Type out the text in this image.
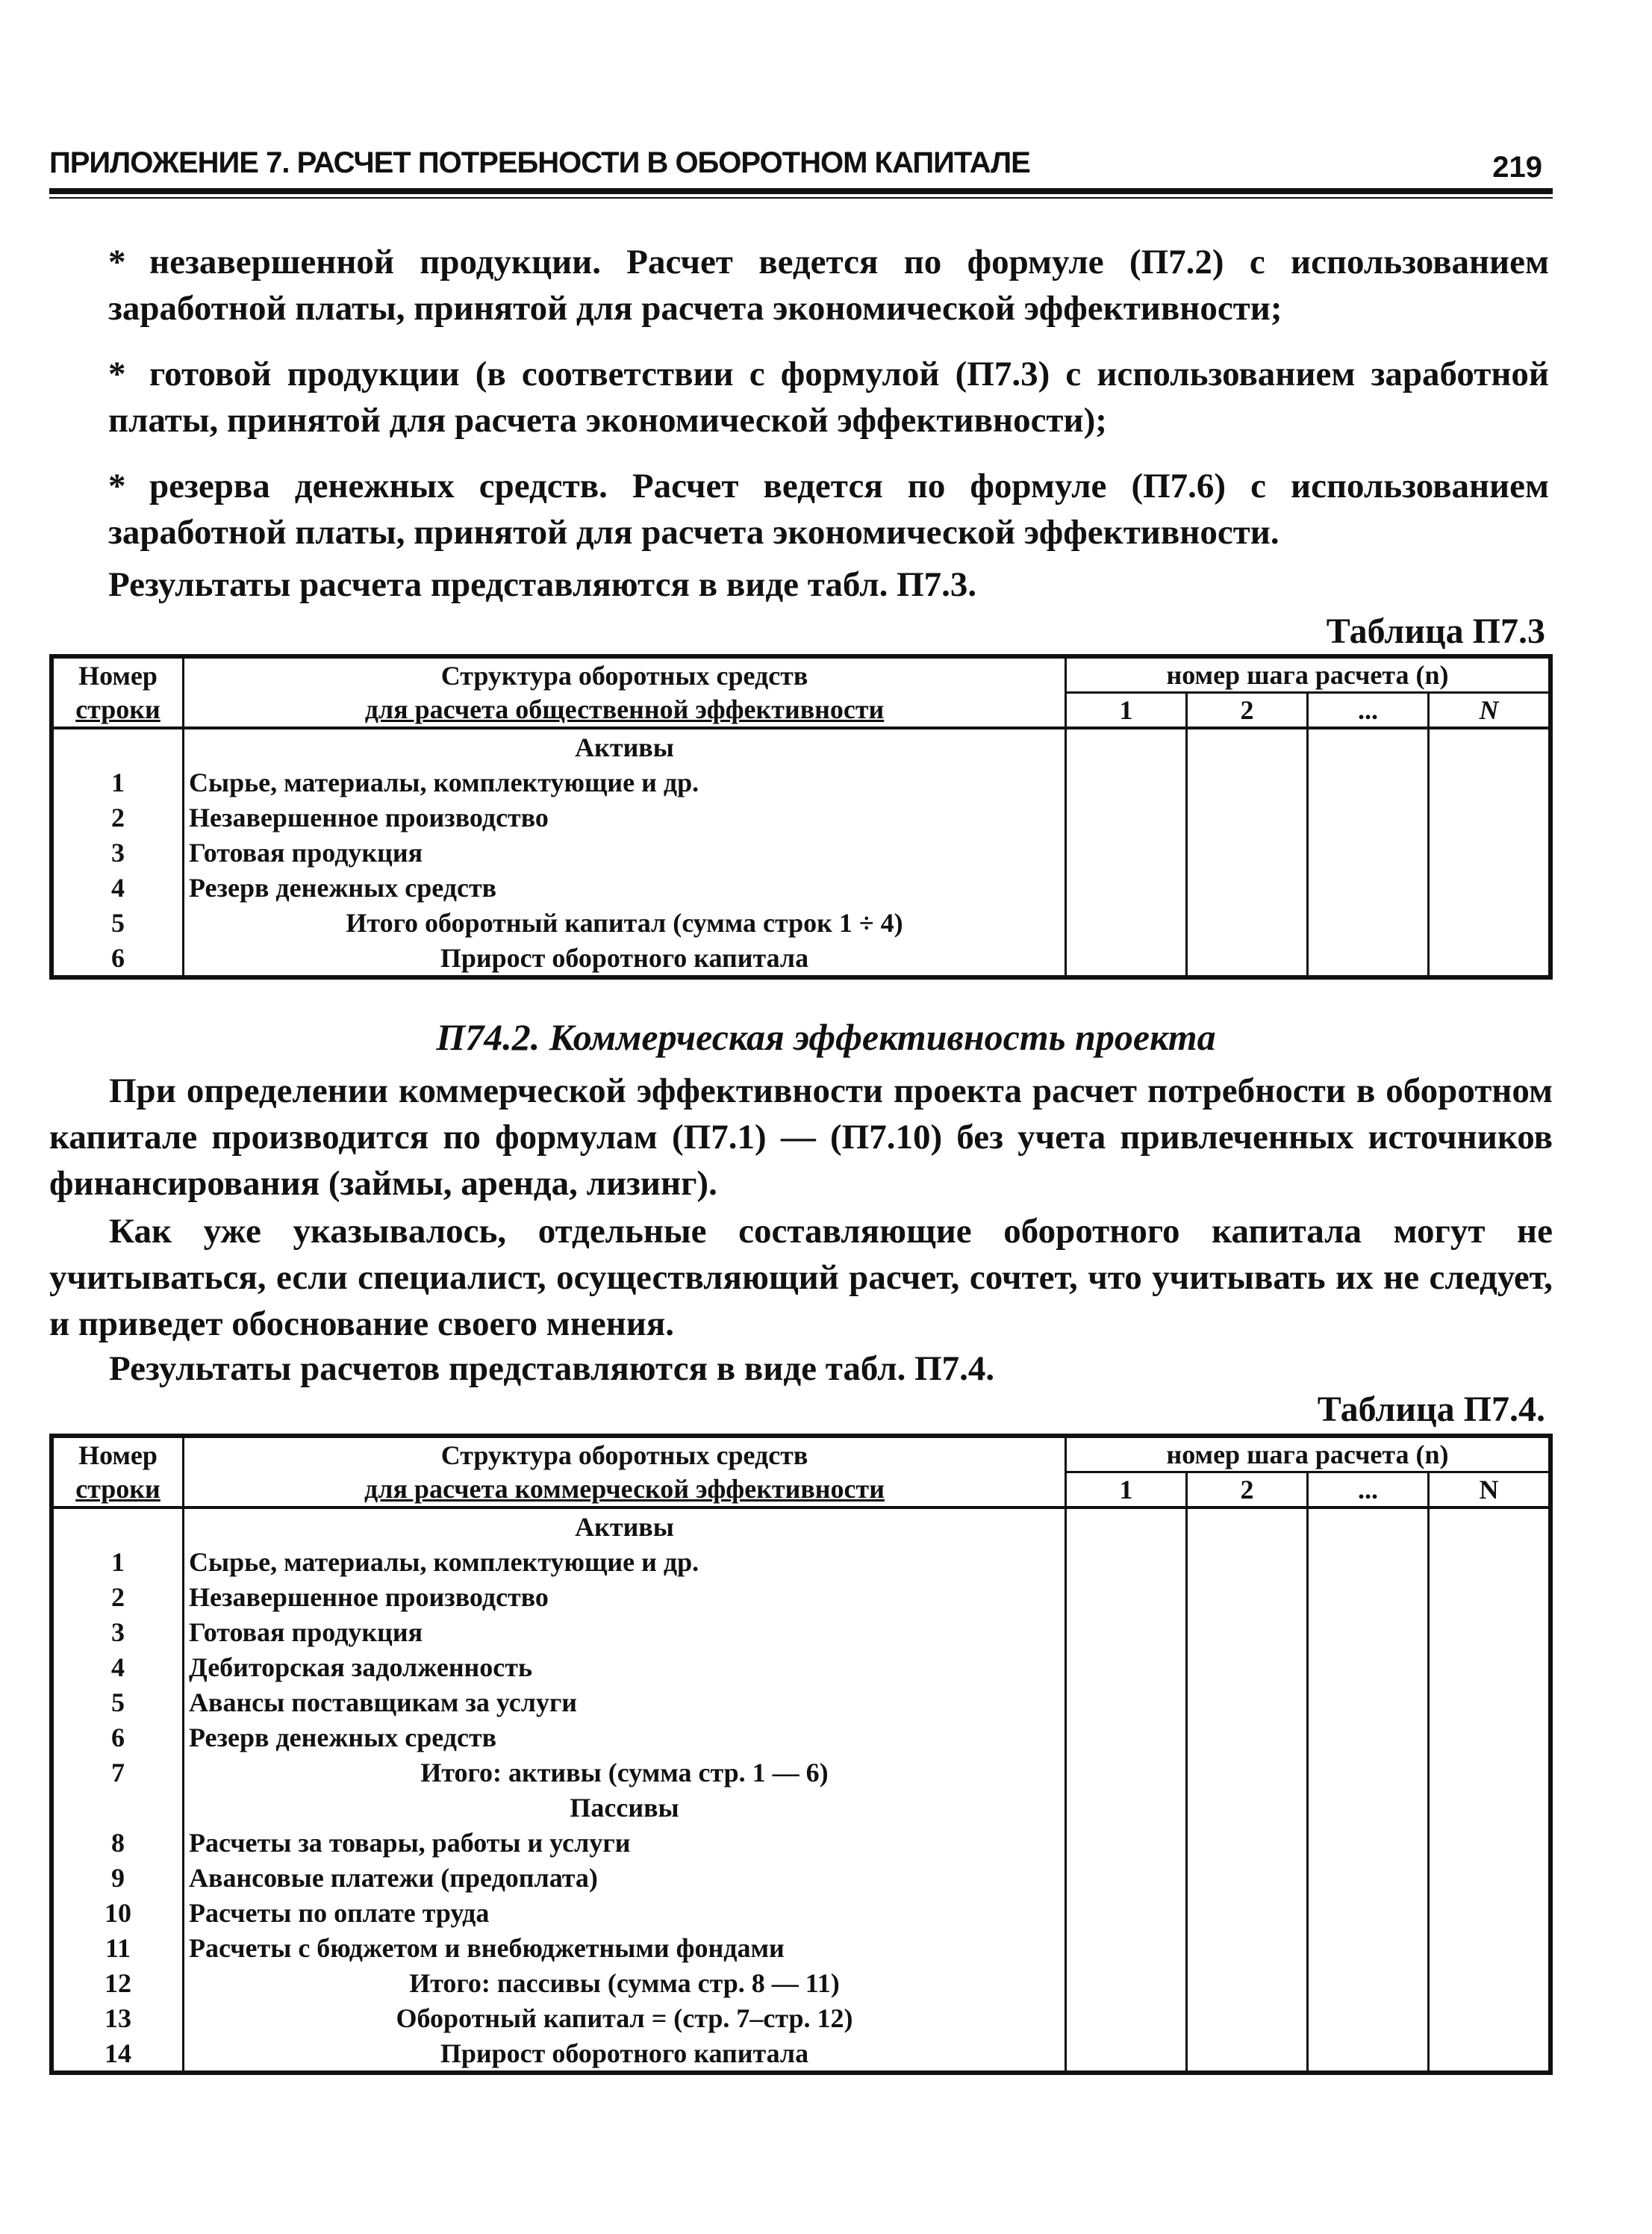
ПРИЛОЖЕНИЕ 7. РАСЧЕТ ПОТРЕБНОСТИ В ОБОРОТНОМ КАПИТАЛЕ	219
* незавершенной продукции. Расчет ведется по формуле (П7.2) с использованием заработной платы, принятой для расчета экономической эффективности;
* готовой продукции (в соответствии с формулой (П7.3) с использованием заработной платы, принятой для расчета экономической эффективности);
* резерва денежных средств. Расчет ведется по формуле (П7.6) с использованием заработной платы, принятой для расчета экономической эффективности.
Результаты расчета представляются в виде табл. П7.3.
Таблица П7.3
Номер	Структура оборотных средств	номер шага расчета (n)			
строки	для расчета общественной эффективности	1	2	...	N
	Активы				
1	Сырье, материалы, комплектующие и др.				
2	Незавершенное производство				
3	Готовая продукция				
4	Резерв денежных средств				
5	Итого оборотный капитал (сумма строк 1 ÷ 4)				
6	Прирост оборотного капитала				
П74.2. Коммерческая эффективность проекта
При определении коммерческой эффективности проекта расчет потребности в оборотном капитале производится по формулам (П7.1) — (П7.10) без учета привлеченных источников финансирования (займы, аренда, лизинг).
Как уже указывалось, отдельные составляющие оборотного капитала могут не учитываться, если специалист, осуществляющий расчет, сочтет, что учитывать их не следует, и приведет обоснование своего мнения.
Результаты расчетов представляются в виде табл. П7.4.
Таблица П7.4.
Номер	Структура оборотных средств	номер шага расчета (n)			
строки	для расчета коммерческой эффективности	1	2	...	N
	Активы				
1	Сырье, материалы, комплектующие и др.				
2	Незавершенное производство				
3	Готовая продукция				
4	Дебиторская задолженность				
5	Авансы поставщикам за услуги				
6	Резерв денежных средств				
7	Итого: активы (сумма стр. 1 — 6)				
	Пассивы				
8	Расчеты за товары, работы и услуги				
9	Авансовые платежи (предоплата)				
10	Расчеты по оплате труда				
11	Расчеты с бюджетом и внебюджетными фондами				
12	Итого: пассивы (сумма стр. 8 — 11)				
13	Оборотный капитал = (стр. 7–стр. 12)				
14	Прирост оборотного капитала				
